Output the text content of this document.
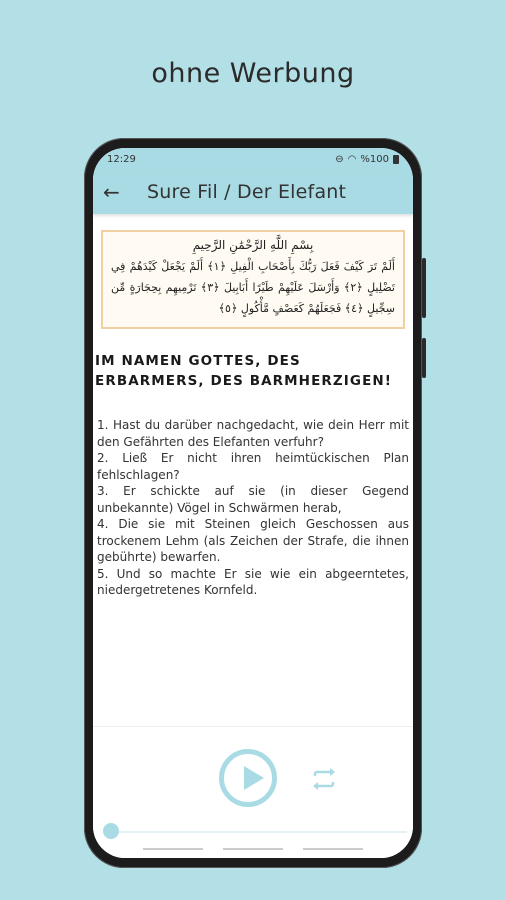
ohne Werbung
12:29	⊖ ◠ %100
←	Sure Fil / Der Elefant
بِسْمِ اللَّهِ الرَّحْمَٰنِ الرَّحِيمِ
أَلَمْ تَرَ كَيْفَ فَعَلَ رَبُّكَ بِأَصْحَابِ الْفِيلِ ﴿١﴾ أَلَمْ يَجْعَلْ كَيْدَهُمْ فِي تَضْلِيلٍ ﴿٢﴾ وَأَرْسَلَ عَلَيْهِمْ طَيْرًا أَبَابِيلَ ﴿٣﴾ تَرْمِيهِم بِحِجَارَةٍ مِّن سِجِّيلٍ ﴿٤﴾ فَجَعَلَهُمْ كَعَصْفٍ مَّأْكُولٍ ﴿٥﴾
IM NAMEN GOTTES, DES
ERBARMERS, DES BARMHERZIGEN!

1. Hast du darüber nachgedacht, wie dein Herr mit den Gefährten des Elefanten verfuhr?

2. Ließ Er nicht ihren heimtückischen Plan fehlschlagen?

3. Er schickte auf sie (in dieser Gegend unbekannte) Vögel in Schwärmen herab,

4. Die sie mit Steinen gleich Geschossen aus trockenem Lehm (als Zeichen der Strafe, die ihnen gebührte) bewarfen.

5. Und so machte Er sie wie ein abgeerntetes, niedergetretenes Kornfeld.
